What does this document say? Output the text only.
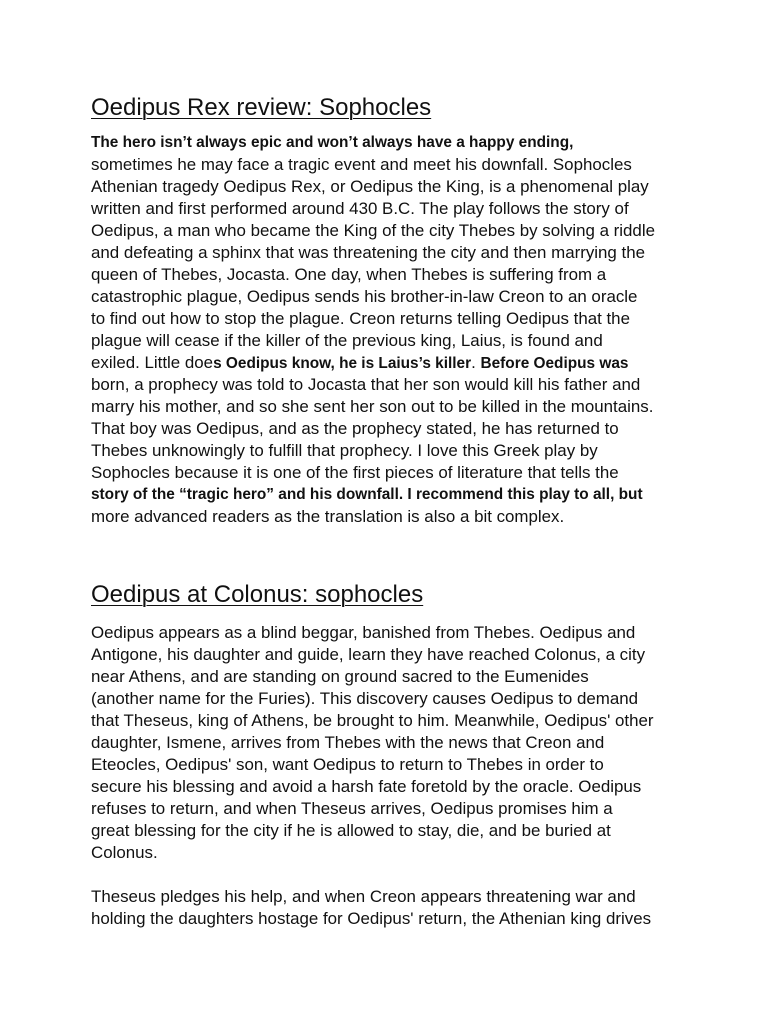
Oedipus Rex review: Sophocles
The hero isn’t always epic and won’t always have a happy ending,
sometimes he may face a tragic event and meet his downfall. Sophocles
Athenian tragedy Oedipus Rex, or Oedipus the King, is a phenomenal play
written and first performed around 430 B.C. The play follows the story of
Oedipus, a man who became the King of the city Thebes by solving a riddle
and defeating a sphinx that was threatening the city and then marrying the
queen of Thebes, Jocasta. One day, when Thebes is suffering from a
catastrophic plague, Oedipus sends his brother-in-law Creon to an oracle
to find out how to stop the plague. Creon returns telling Oedipus that the
plague will cease if the killer of the previous king, Laius, is found and
exiled. Little does Oedipus know, he is Laius’s killer. Before Oedipus was
born, a prophecy was told to Jocasta that her son would kill his father and
marry his mother, and so she sent her son out to be killed in the mountains.
That boy was Oedipus, and as the prophecy stated, he has returned to
Thebes unknowingly to fulfill that prophecy. I love this Greek play by
Sophocles because it is one of the first pieces of literature that tells the
story of the “tragic hero” and his downfall. I recommend this play to all, but
more advanced readers as the translation is also a bit complex.
Oedipus at Colonus: sophocles
Oedipus appears as a blind beggar, banished from Thebes. Oedipus and
Antigone, his daughter and guide, learn they have reached Colonus, a city
near Athens, and are standing on ground sacred to the Eumenides
(another name for the Furies). This discovery causes Oedipus to demand
that Theseus, king of Athens, be brought to him. Meanwhile, Oedipus' other
daughter, Ismene, arrives from Thebes with the news that Creon and
Eteocles, Oedipus' son, want Oedipus to return to Thebes in order to
secure his blessing and avoid a harsh fate foretold by the oracle. Oedipus
refuses to return, and when Theseus arrives, Oedipus promises him a
great blessing for the city if he is allowed to stay, die, and be buried at
Colonus.
Theseus pledges his help, and when Creon appears threatening war and
holding the daughters hostage for Oedipus' return, the Athenian king drives
